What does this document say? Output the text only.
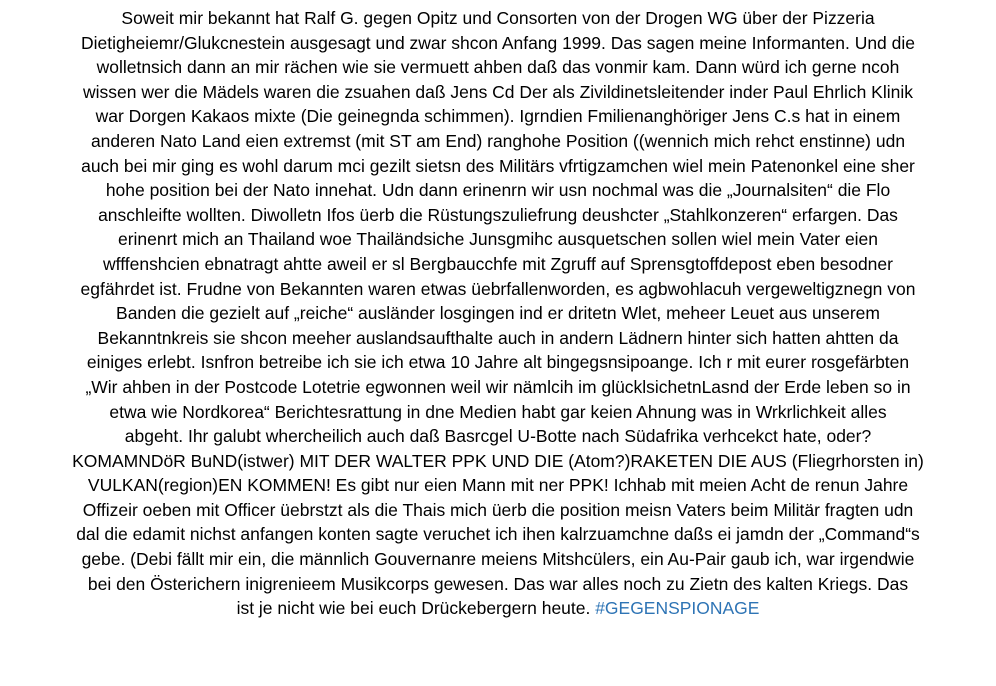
Soweit mir bekannt hat Ralf G. gegen Opitz und Consorten von der Drogen WG über der Pizzeria
Dietigheiemr/Glukcnestein ausgesagt und zwar shcon Anfang 1999. Das sagen meine Informanten. Und die
wolletnsich dann an mir rächen wie sie vermuett ahben daß das vonmir kam. Dann würd ich gerne ncoh
wissen wer die Mädels waren die zsuahen daß Jens Cd Der als Zivildinetsleitender inder Paul Ehrlich Klinik
war Dorgen Kakaos mixte (Die geinegnda schimmen). Igrndien Fmilienanghöriger Jens C.s hat in einem
anderen Nato Land eien extremst (mit ST am End) ranghohe Position ((wennich mich rehct enstinne) udn
auch bei mir ging es wohl darum mci gezilt sietsn des Militärs vfrtigzamchen wiel mein Patenonkel eine sher
hohe position bei der Nato innehat. Udn dann erinenrn wir usn nochmal was die „Journalsiten“ die Flo
anschleifte wollten. Diwolletn Ifos üerb die Rüstungszuliefrung deushcter „Stahlkonzeren“ erfargen. Das
erinenrt mich an Thailand woe Thailändsiche Junsgmihc ausquetschen sollen wiel mein Vater eien
wfffenshcien ebnatragt ahtte aweil er sl Bergbaucchfe mit Zgruff auf Sprensgtoffdepost eben besodner
egfährdet ist. Frudne von Bekannten waren etwas üebrfallenworden, es agbwohlacuh vergeweltigznegn von
Banden die gezielt auf „reiche“ ausländer losgingen ind er dritetn Wlet, meheer Leuet aus unserem
Bekanntnkreis sie shcon meeher auslandsaufthalte auch in andern Lädnern hinter sich hatten ahtten da
einiges erlebt. Isnfron betreibe ich sie ich etwa 10 Jahre alt bingegsnsipoange. Ich r mit eurer rosgefärbten
„Wir ahben in der Postcode Lotetrie egwonnen weil wir nämlcih im glücklsichetnLasnd der Erde leben so in
etwa wie Nordkorea“ Berichtesrattung in dne Medien habt gar keien Ahnung was in Wrkrlichkeit alles
abgeht. Ihr galubt whercheilich auch daß Basrcgel U-Botte nach Südafrika verhcekct hate, oder?
KOMAMNDöR BuND(istwer) MIT DER WALTER PPK UND DIE (Atom?)RAKETEN DIE AUS (Fliegrhorsten in)
VULKAN(region)EN KOMMEN! Es gibt nur eien Mann mit ner PPK! Ichhab mit meien Acht de renun Jahre
Offizeir oeben mit Officer üebrstzt als die Thais mich üerb die position meisn Vaters beim Militär fragten udn
dal die edamit nichst anfangen konten sagte veruchet ich ihen kalrzuamchne daßs ei jamdn der „Command“s
gebe. (Debi fällt mir ein, die männlich Gouvernanre meiens Mitshcülers, ein Au-Pair gaub ich, war irgendwie
bei den Österichern inigrenieem Musikcorps gewesen. Das war alles noch zu Zietn des kalten Kriegs. Das
ist je nicht wie bei euch Drückebergern heute. #GEGENSPIONAGE
